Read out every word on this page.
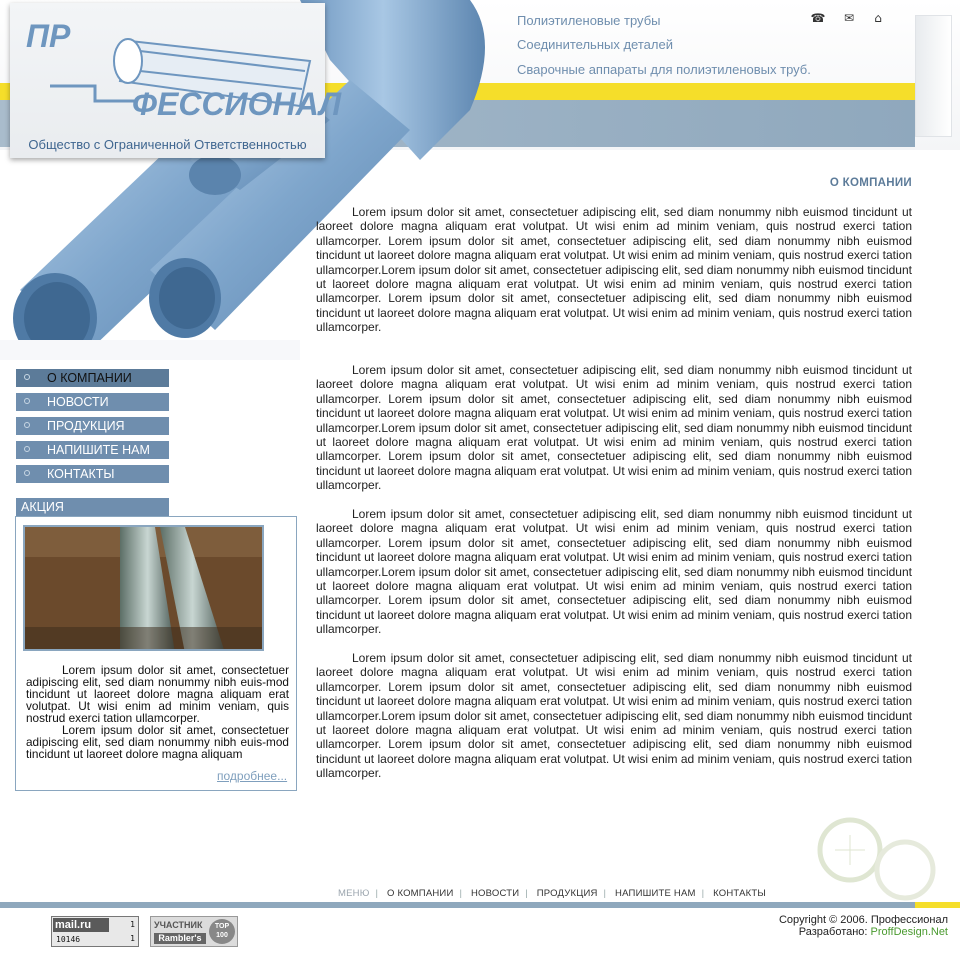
ПР
ФЕССИОНАЛ
Общество с Ограниченной Ответственностью
Полиэтиленовые трубы
Соединительных деталей
Сварочные аппараты для полиэтиленовых труб.
☎ ✉	⌂
О КОМПАНИИ
НОВОСТИ
ПРОДУКЦИЯ
НАПИШИТЕ НАМ
КОНТАКТЫ
АКЦИЯ
Lorem ipsum dolor sit amet, consectetuer adipiscing elit, sed diam nonummy nibh euis-mod tincidunt ut laoreet dolore magna aliquam erat volutpat. Ut wisi enim ad minim veniam, quis nostrud exerci tation ullamcorper.
Lorem ipsum dolor sit amet, consectetuer adipiscing elit, sed diam nonummy nibh euis-mod tincidunt ut laoreet dolore magna aliquam
подробнее...
О КОМПАНИИ
Lorem ipsum dolor sit amet, consectetuer adipiscing elit, sed diam nonummy nibh euismod tincidunt ut laoreet dolore magna aliquam erat volutpat. Ut wisi enim ad minim veniam, quis nostrud exerci tation ullamcorper. Lorem ipsum dolor sit amet, consectetuer adipiscing elit, sed diam nonummy nibh euismod tincidunt ut laoreet dolore magna aliquam erat volutpat. Ut wisi enim ad minim veniam, quis nostrud exerci tation ullamcorper.Lorem ipsum dolor sit amet, consectetuer adipiscing elit, sed diam nonummy nibh euismod tincidunt ut laoreet dolore magna aliquam erat volutpat. Ut wisi enim ad minim veniam, quis nostrud exerci tation ullamcorper. Lorem ipsum dolor sit amet, consectetuer adipiscing elit, sed diam nonummy nibh euismod tincidunt ut laoreet dolore magna aliquam erat volutpat. Ut wisi enim ad minim veniam, quis nostrud exerci tation ullamcorper.
Lorem ipsum dolor sit amet, consectetuer adipiscing elit, sed diam nonummy nibh euismod tincidunt ut laoreet dolore magna aliquam erat volutpat. Ut wisi enim ad minim veniam, quis nostrud exerci tation ullamcorper. Lorem ipsum dolor sit amet, consectetuer adipiscing elit, sed diam nonummy nibh euismod tincidunt ut laoreet dolore magna aliquam erat volutpat. Ut wisi enim ad minim veniam, quis nostrud exerci tation ullamcorper.Lorem ipsum dolor sit amet, consectetuer adipiscing elit, sed diam nonummy nibh euismod tincidunt ut laoreet dolore magna aliquam erat volutpat. Ut wisi enim ad minim veniam, quis nostrud exerci tation ullamcorper. Lorem ipsum dolor sit amet, consectetuer adipiscing elit, sed diam nonummy nibh euismod tincidunt ut laoreet dolore magna aliquam erat volutpat. Ut wisi enim ad minim veniam, quis nostrud exerci tation ullamcorper.
Lorem ipsum dolor sit amet, consectetuer adipiscing elit, sed diam nonummy nibh euismod tincidunt ut laoreet dolore magna aliquam erat volutpat. Ut wisi enim ad minim veniam, quis nostrud exerci tation ullamcorper. Lorem ipsum dolor sit amet, consectetuer adipiscing elit, sed diam nonummy nibh euismod tincidunt ut laoreet dolore magna aliquam erat volutpat. Ut wisi enim ad minim veniam, quis nostrud exerci tation ullamcorper.Lorem ipsum dolor sit amet, consectetuer adipiscing elit, sed diam nonummy nibh euismod tincidunt ut laoreet dolore magna aliquam erat volutpat. Ut wisi enim ad minim veniam, quis nostrud exerci tation ullamcorper. Lorem ipsum dolor sit amet, consectetuer adipiscing elit, sed diam nonummy nibh euismod tincidunt ut laoreet dolore magna aliquam erat volutpat. Ut wisi enim ad minim veniam, quis nostrud exerci tation ullamcorper.
Lorem ipsum dolor sit amet, consectetuer adipiscing elit, sed diam nonummy nibh euismod tincidunt ut laoreet dolore magna aliquam erat volutpat. Ut wisi enim ad minim veniam, quis nostrud exerci tation ullamcorper. Lorem ipsum dolor sit amet, consectetuer adipiscing elit, sed diam nonummy nibh euismod tincidunt ut laoreet dolore magna aliquam erat volutpat. Ut wisi enim ad minim veniam, quis nostrud exerci tation ullamcorper.Lorem ipsum dolor sit amet, consectetuer adipiscing elit, sed diam nonummy nibh euismod tincidunt ut laoreet dolore magna aliquam erat volutpat. Ut wisi enim ad minim veniam, quis nostrud exerci tation ullamcorper. Lorem ipsum dolor sit amet, consectetuer adipiscing elit, sed diam nonummy nibh euismod tincidunt ut laoreet dolore magna aliquam erat volutpat. Ut wisi enim ad minim veniam, quis nostrud exerci tation ullamcorper.
МЕНЮ | О КОМПАНИИ | НОВОСТИ | ПРОДУКЦИЯ | НАПИШИТЕ НАМ | КОНТАКТЫ
mail.ru
10146
1
1
УЧАСТНИК
Rambler's
TOP 100
Copyright © 2006. Профессионал
Разработано: ProffDesign.Net
